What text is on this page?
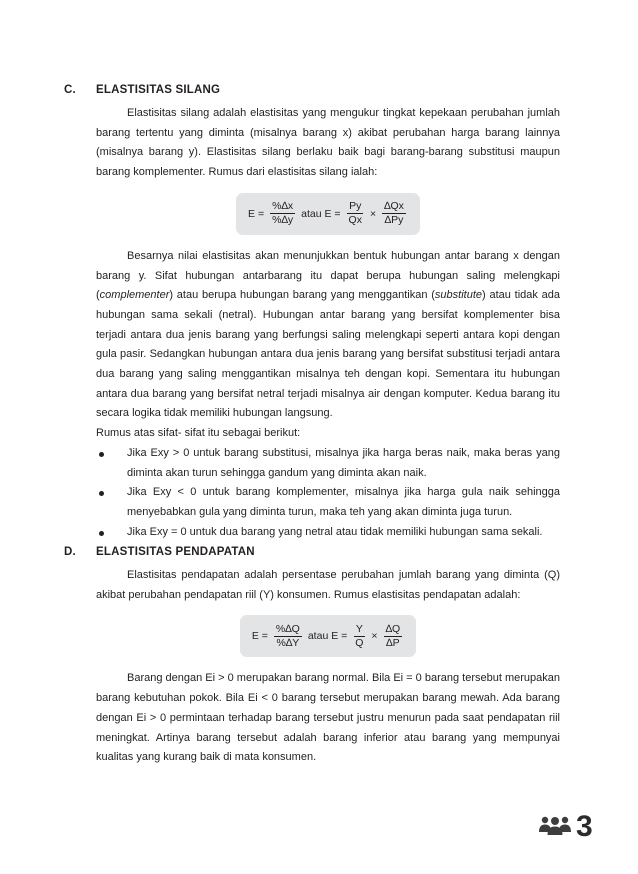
C. ELASTISITAS SILANG

Elastisitas silang adalah elastisitas yang mengukur tingkat kepekaan perubahan jumlah barang tertentu yang diminta (misalnya barang x) akibat perubahan harga barang lainnya (misalnya barang y). Elastisitas silang berlaku baik bagi barang-barang substitusi maupun barang komplementer. Rumus dari elastisitas silang ialah:

$E = \frac{\%\Delta x}{\%\Delta y}$ atau $E = \frac{Py}{Qx} \times \frac{\Delta Qx}{\Delta Py}$

Besarnya nilai elastisitas akan menunjukkan bentuk hubungan antar barang x dengan barang y. Sifat hubungan antarbarang itu dapat berupa hubungan saling melengkapi (complementer) atau berupa hubungan barang yang menggantikan (substitute) atau tidak ada hubungan sama sekali (netral). Hubungan antar barang yang bersifat komplementer bisa terjadi antara dua jenis barang yang berfungsi saling melengkapi seperti antara kopi dengan gula pasir. Sedangkan hubungan antara dua jenis barang yang bersifat substitusi terjadi antara dua barang yang saling menggantikan misalnya teh dengan kopi. Sementara itu hubungan antara dua barang yang bersifat netral terjadi misalnya air dengan komputer. Kedua barang itu secara logika tidak memiliki hubungan langsung.

Rumus atas sifat- sifat itu sebagai berikut:

Jika Exy > 0 untuk barang substitusi, misalnya jika harga beras naik, maka beras yang diminta akan turun sehingga gandum yang diminta akan naik.
Jika Exy < 0 untuk barang komplementer, misalnya jika harga gula naik sehingga menyebabkan gula yang diminta turun, maka teh yang akan diminta juga turun.
Jika Exy = 0 untuk dua barang yang netral atau tidak memiliki hubungan sama sekali.
D. ELASTISITAS PENDAPATAN

Elastisitas pendapatan adalah persentase perubahan jumlah barang yang diminta (Q) akibat perubahan pendapatan riil (Y) konsumen. Rumus elastisitas pendapatan adalah:

$E = \frac{\%\Delta Q}{\%\Delta Y}$ atau $E = \frac{Y}{Q} \times \frac{\Delta Q}{\Delta P}$

Barang dengan Ei > 0 merupakan barang normal. Bila Ei = 0 barang tersebut merupakan barang kebutuhan pokok. Bila Ei < 0 barang tersebut merupakan barang mewah. Ada barang dengan Ei > 0 permintaan terhadap barang tersebut justru menurun pada saat pendapatan riil meningkat. Artinya barang tersebut adalah barang inferior atau barang yang mempunyai kualitas yang kurang baik di mata konsumen.

3
